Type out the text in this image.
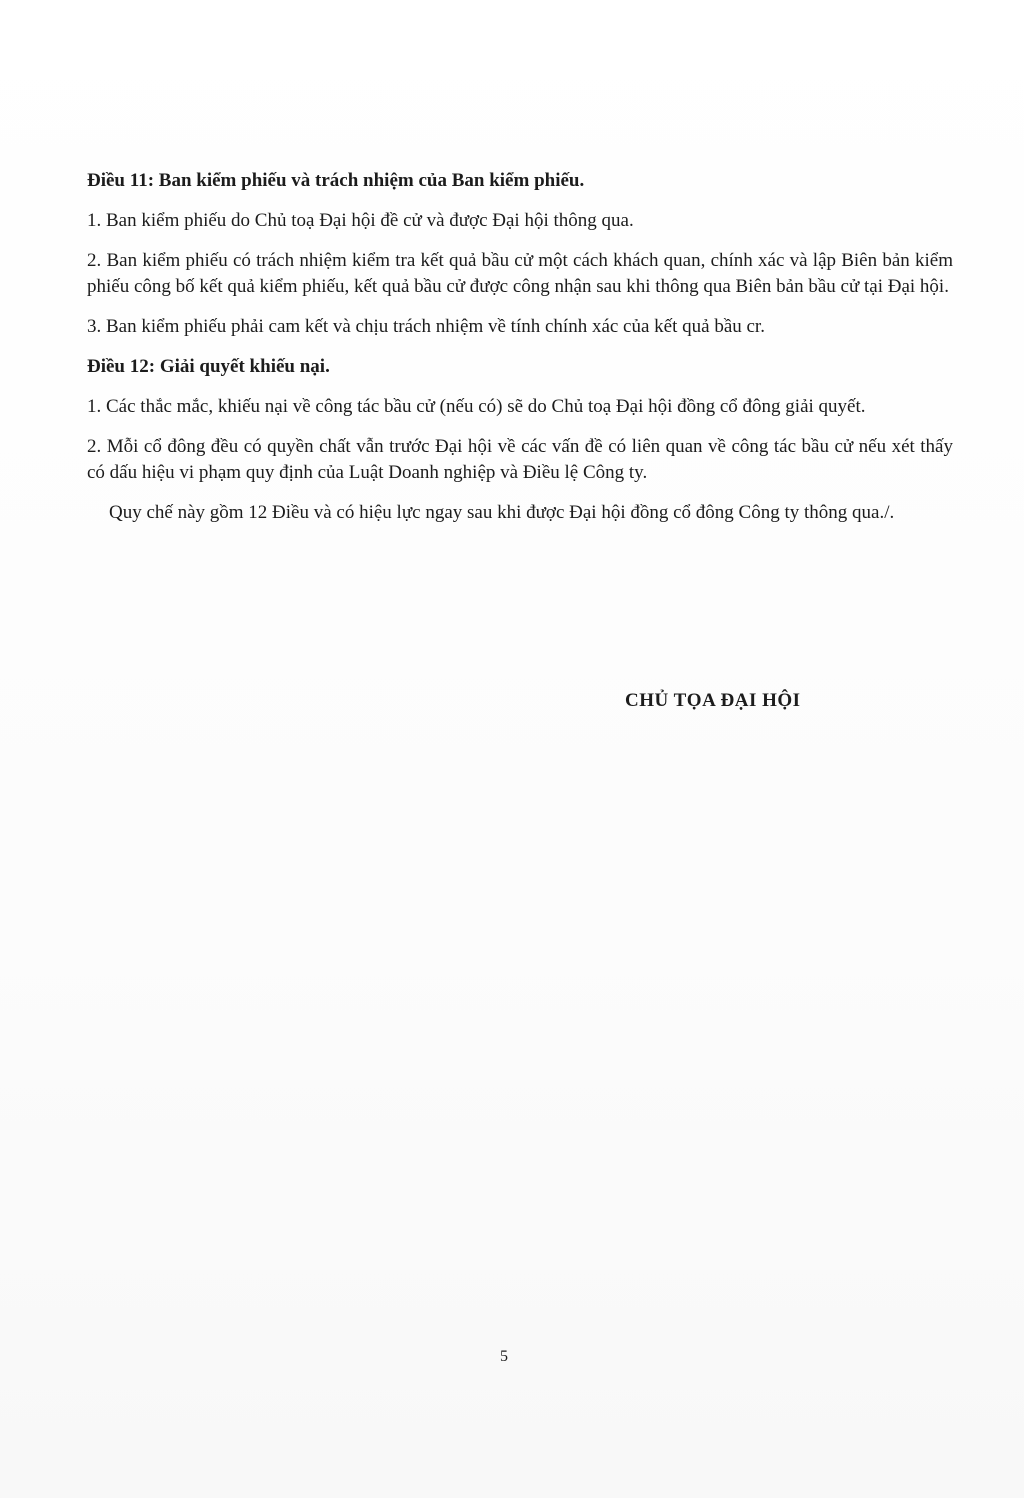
Điều 11: Ban kiểm phiếu và trách nhiệm của Ban kiểm phiếu.

1. Ban kiểm phiếu do Chủ toạ Đại hội đề cử và được Đại hội thông qua.

2. Ban kiểm phiếu có trách nhiệm kiểm tra kết quả bầu cử một cách khách quan, chính xác và lập Biên bản kiểm phiếu công bố kết quả kiểm phiếu, kết quả bầu cử được công nhận sau khi thông qua Biên bản bầu cử tại Đại hội.

3. Ban kiểm phiếu phải cam kết và chịu trách nhiệm về tính chính xác của kết quả bầu cr.

Điều 12: Giải quyết khiếu nại.

1. Các thắc mắc, khiếu nại về công tác bầu cử (nếu có) sẽ do Chủ toạ Đại hội đồng cổ đông giải quyết.

2. Mỗi cổ đông đều có quyền chất vẫn trước Đại hội về các vấn đề có liên quan về công tác bầu cử nếu xét thấy có dấu hiệu vi phạm quy định của Luật Doanh nghiệp và Điều lệ Công ty.

Quy chế này gồm 12 Điều và có hiệu lực ngay sau khi được Đại hội đồng cổ đông Công ty thông qua./.

CHỦ TỌA ĐẠI HỘI
5
